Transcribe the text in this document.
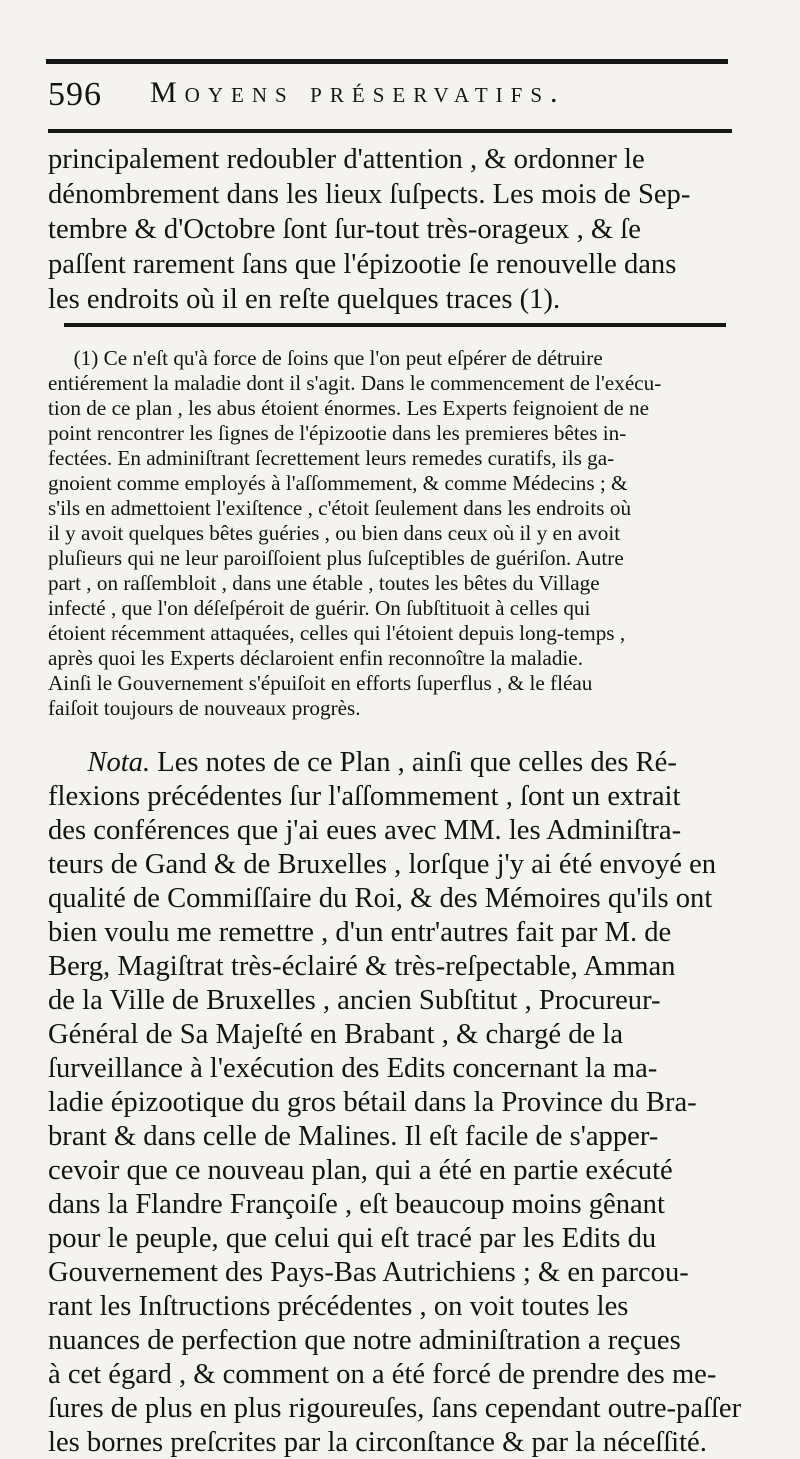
596 Moyens préservatifs.
principalement redoubler d'attention , & ordonner le
dénombrement dans les lieux ſuſpects. Les mois de Sep-
tembre & d'Octobre ſont ſur-tout très-orageux , & ſe
paſſent rarement ſans que l'épizootie ſe renouvelle dans
les endroits où il en reſte quelques traces (1).
(1) Ce n'eſt qu'à force de ſoins que l'on peut eſpérer de détruire
entiérement la maladie dont il s'agit. Dans le commencement de l'exécu-
tion de ce plan , les abus étoient énormes. Les Experts feignoient de ne
point rencontrer les ſignes de l'épizootie dans les premieres bêtes in-
fectées. En adminiſtrant ſecrettement leurs remedes curatifs, ils ga-
gnoient comme employés à l'aſſommement, & comme Médecins ; &
s'ils en admettoient l'exiſtence , c'étoit ſeulement dans les endroits où
il y avoit quelques bêtes guéries , ou bien dans ceux où il y en avoit
pluſieurs qui ne leur paroiſſoient plus ſuſceptibles de guériſon. Autre
part , on raſſembloit , dans une étable , toutes les bêtes du Village
infecté , que l'on déſeſpéroit de guérir. On ſubſtituoit à celles qui
étoient récemment attaquées, celles qui l'étoient depuis long-temps ,
après quoi les Experts déclaroient enfin reconnoître la maladie.
Ainſi le Gouvernement s'épuiſoit en efforts ſuperflus , & le fléau
faiſoit toujours de nouveaux progrès.
Nota. Les notes de ce Plan , ainſi que celles des Ré-
flexions précédentes ſur l'aſſommement , ſont un extrait
des conférences que j'ai eues avec MM. les Adminiſtra-
teurs de Gand & de Bruxelles , lorſque j'y ai été envoyé en
qualité de Commiſſaire du Roi, & des Mémoires qu'ils ont
bien voulu me remettre , d'un entr'autres fait par M. de
Berg, Magiſtrat très-éclairé & très-reſpectable, Amman
de la Ville de Bruxelles , ancien Subſtitut , Procureur-
Général de Sa Majeſté en Brabant , & chargé de la
ſurveillance à l'exécution des Edits concernant la ma-
ladie épizootique du gros bétail dans la Province du Bra-
brant & dans celle de Malines. Il eſt facile de s'apper-
cevoir que ce nouveau plan, qui a été en partie exécuté
dans la Flandre Françoiſe , eſt beaucoup moins gênant
pour le peuple, que celui qui eſt tracé par les Edits du
Gouvernement des Pays-Bas Autrichiens ; & en parcou-
rant les Inſtructions précédentes , on voit toutes les
nuances de perfection que notre adminiſtration a reçues
à cet égard , & comment on a été forcé de prendre des me-
ſures de plus en plus rigoureuſes, ſans cependant outre-paſſer
les bornes preſcrites par la circonſtance & par la néceſſité.
